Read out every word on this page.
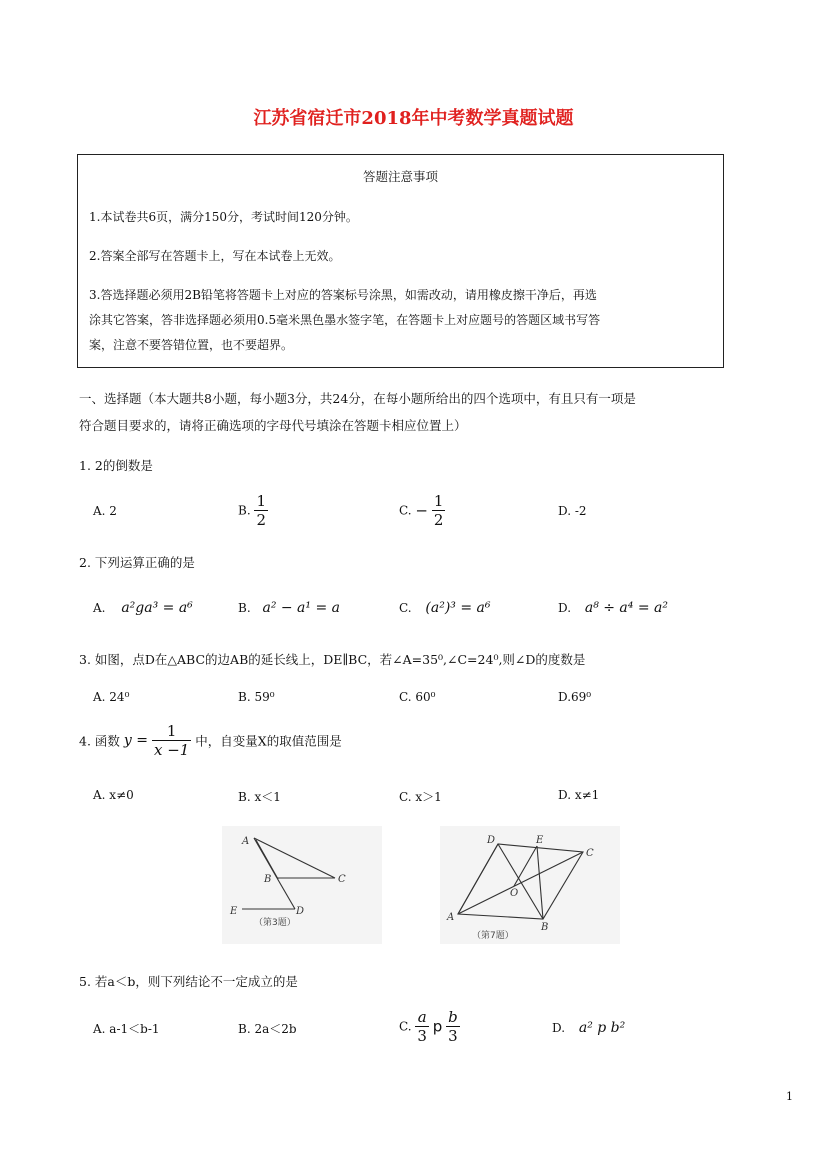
江苏省宿迁市2018年中考数学真题试题
答题注意事项
1.本试卷共6页，满分150分，考试时间120分钟。
2.答案全部写在答题卡上，写在本试卷上无效。
3.答选择题必须用2B铅笔将答题卡上对应的答案标号涂黑，如需改动，请用橡皮擦干净后，再选
涂其它答案，答非选择题必须用0.5毫米黑色墨水签字笔，在答题卡上对应题号的答题区域书写答
案，注意不要答错位置，也不要超界。
一、选择题（本大题共8小题，每小题3分，共24分，在每小题所给出的四个选项中，有且只有一项是
符合题目要求的，请将正确选项的字母代号填涂在答题卡相应位置上）
1. 2的倒数是
A. 2	B. $\frac{1}{2}$	C. − $\frac{1}{2}$	D. -2
2. 下列运算正确的是
A. a²ga³ = a⁶	B. a² − a¹ = a	C. (a²)³ = a⁶	D. a⁸ ÷ a⁴ = a²
3. 如图，点D在△ABC的边AB的延长线上，DE∥BC，若∠A=35⁰,∠C=24⁰,则∠D的度数是
A. 24⁰	B. 59⁰	C. 60⁰	D.69⁰
4. 函数 $y = \frac{1}{x -1}$ 中，自变量X的取值范围是
A. x≠0	B. x＜1	C. x＞1	D. x≠1
A
B	C
D
E
（第3题）
D	E
C
O
A
B
（第7题）
5. 若a＜b，则下列结论不一定成立的是
A. a-1＜b-1	B. 2a＜2b	C. $\frac{a}{3}$ p $\frac{b}{3}$	D. a² p b²
1
